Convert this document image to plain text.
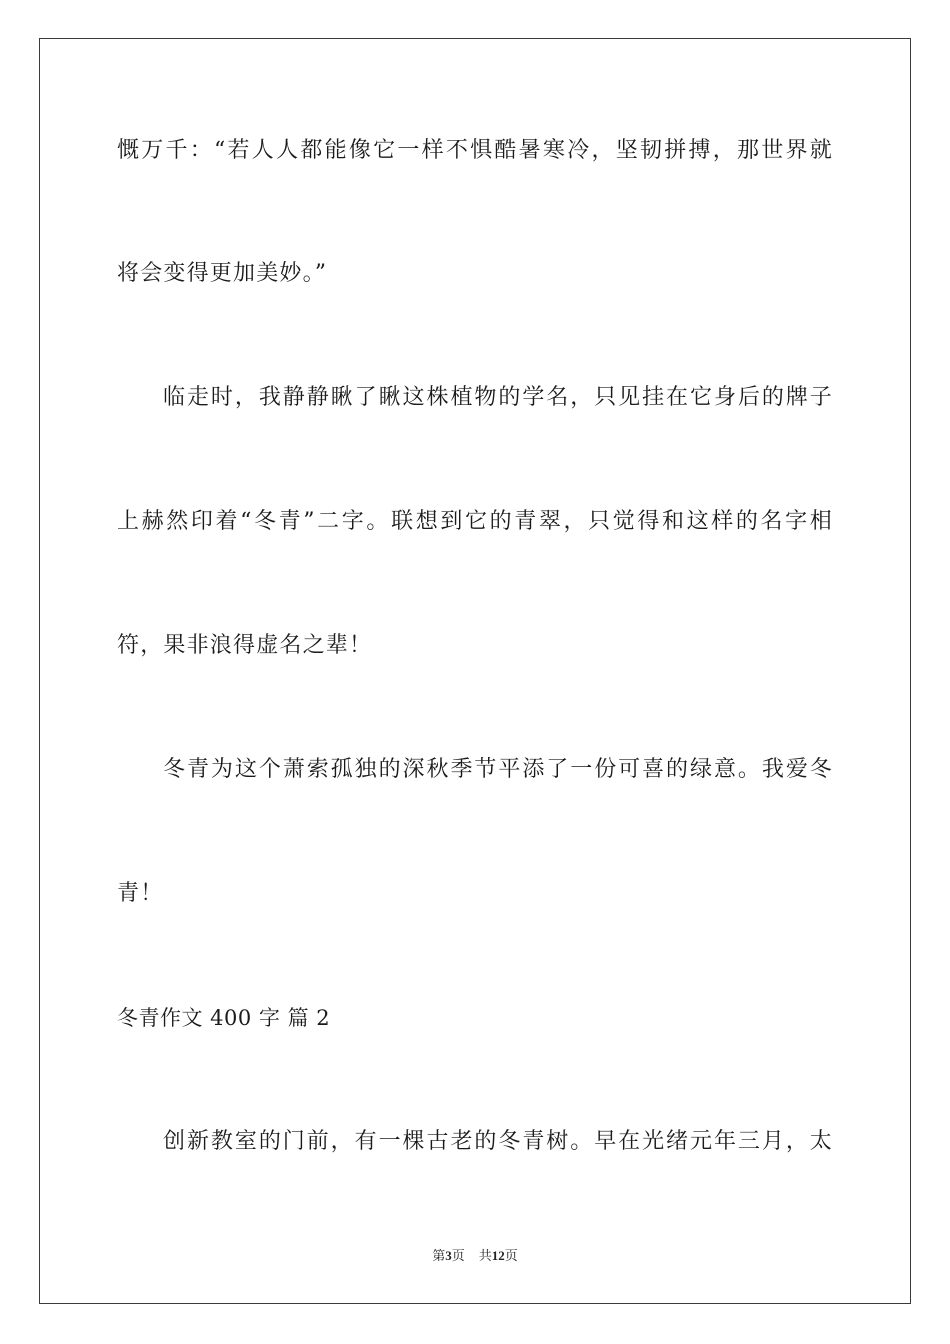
慨万千：“若人人都能像它一样不惧酷暑寒冷，坚韧拼搏，那世界就
将会变得更加美妙。”
临走时，我静静瞅了瞅这株植物的学名，只见挂在它身后的牌子
上赫然印着“冬青”二字。联想到它的青翠，只觉得和这样的名字相
符，果非浪得虚名之辈！
冬青为这个萧索孤独的深秋季节平添了一份可喜的绿意。我爱冬
青！
冬青作文 400 字 篇 2
创新教室的门前，有一棵古老的冬青树。早在光绪元年三月，太
第3页 共12页
